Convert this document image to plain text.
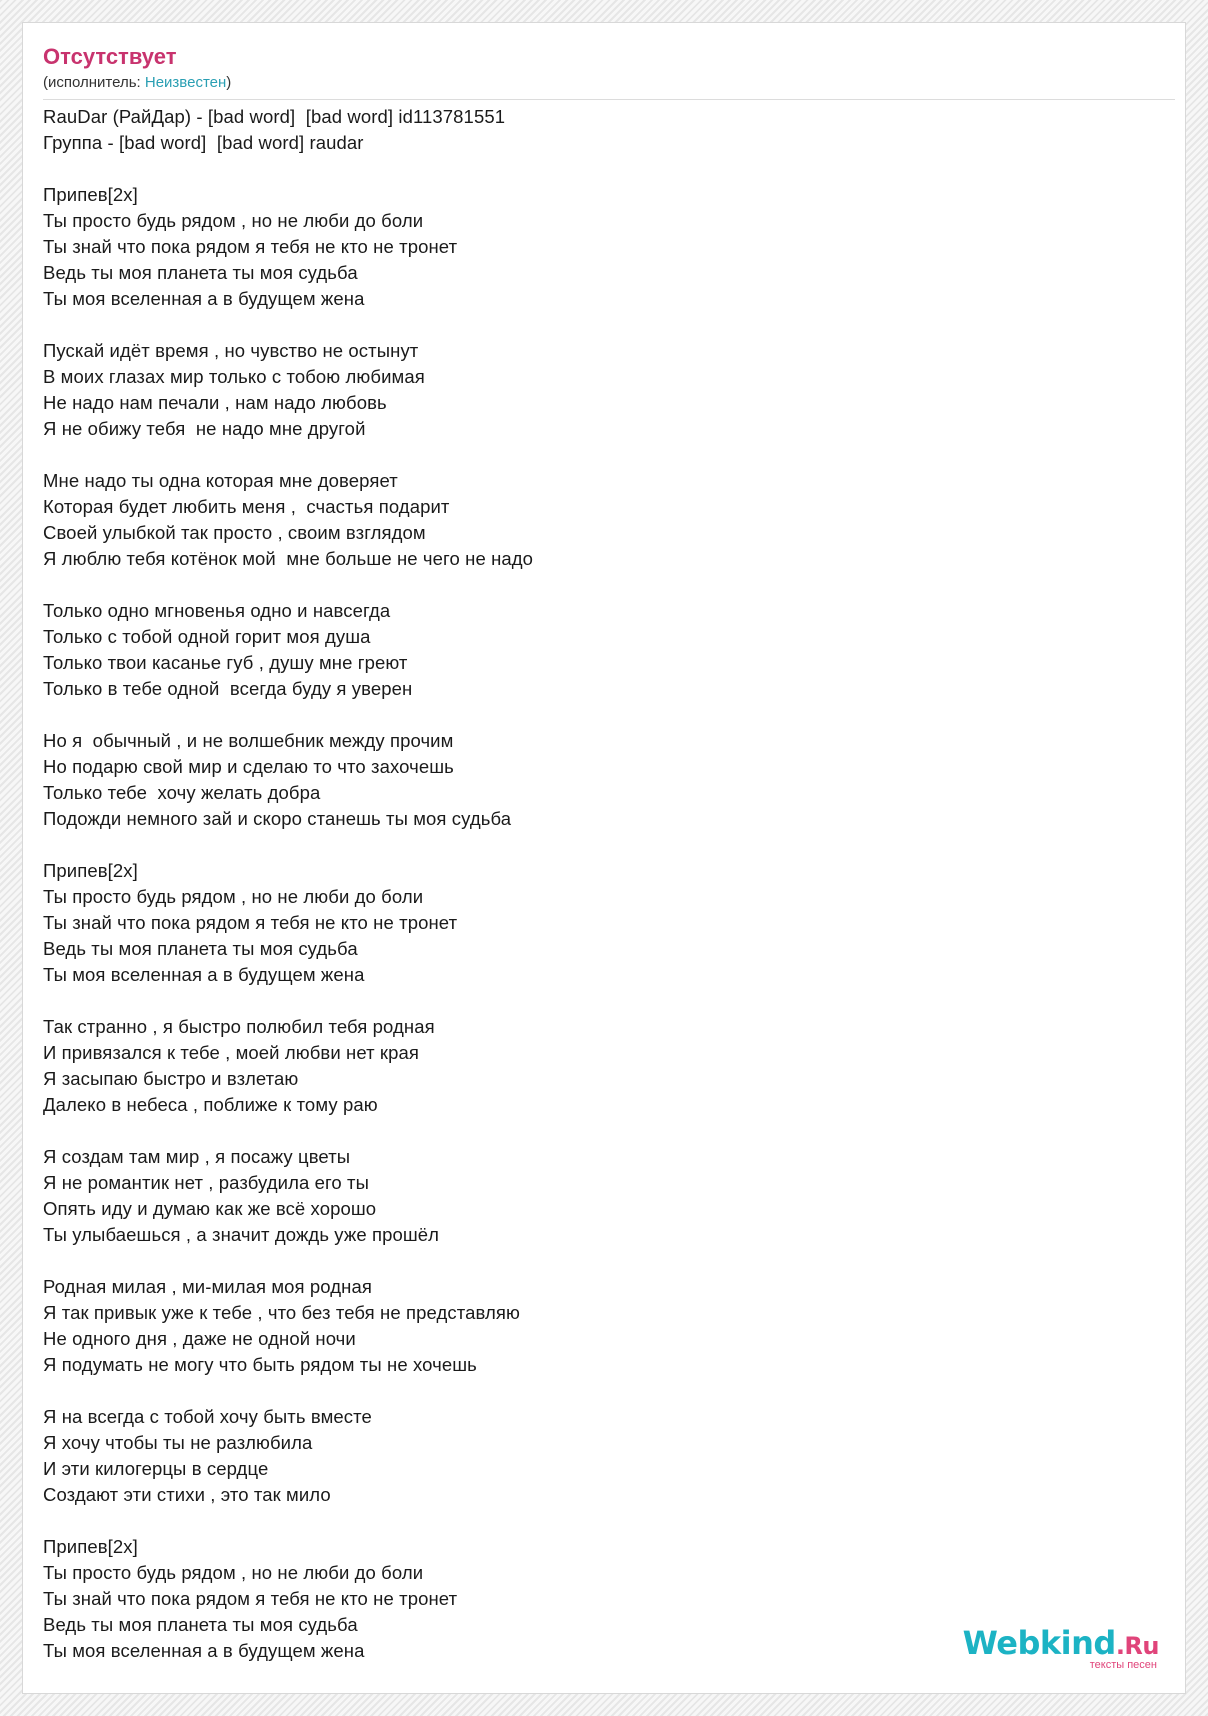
Отсутствует
(исполнитель: Неизвестен)
RauDar (РайДар) - [bad word]  [bad word] id113781551
Группа - [bad word]  [bad word] raudar
Припев[2x]
Ты просто будь рядом , но не люби до боли
Ты знай что пока рядом я тебя не кто не тронет
Ведь ты моя планета ты моя судьба
Ты моя вселенная а в будущем жена
Пускай идёт время , но чувство не остынут
В моих глазах мир только с тобою любимая
Не надо нам печали , нам надо любовь
Я не обижу тебя  не надо мне другой
Мне надо ты одна которая мне доверяет
Которая будет любить меня ,  счастья подарит
Своей улыбкой так просто , своим взглядом
Я люблю тебя котёнок мой  мне больше не чего не надо
Только одно мгновенья одно и навсегда
Только с тобой одной горит моя душа
Только твои касанье губ , душу мне греют
Только в тебе одной  всегда буду я уверен
Но я  обычный , и не волшебник между прочим
Но подарю свой мир и сделаю то что захочешь
Только тебе  хочу желать добра
Подожди немного зай и скоро станешь ты моя судьба
Припев[2x]
Ты просто будь рядом , но не люби до боли
Ты знай что пока рядом я тебя не кто не тронет
Ведь ты моя планета ты моя судьба
Ты моя вселенная а в будущем жена
Так странно , я быстро полюбил тебя родная
И привязался к тебе , моей любви нет края
Я засыпаю быстро и взлетаю
Далеко в небеса , поближе к тому раю
Я создам там мир , я посажу цветы
Я не романтик нет , разбудила его ты
Опять иду и думаю как же всё хорошо
Ты улыбаешься , а значит дождь уже прошёл
Родная милая , ми-милая моя родная
Я так привык уже к тебе , что без тебя не представляю
Не одного дня , даже не одной ночи
Я подумать не могу что быть рядом ты не хочешь
Я на всегда с тобой хочу быть вместе
Я хочу чтобы ты не разлюбила
И эти килогерцы в сердце
Создают эти стихи , это так мило
Припев[2x]
Ты просто будь рядом , но не люби до боли
Ты знай что пока рядом я тебя не кто не тронет
Ведь ты моя планета ты моя судьба
Ты моя вселенная а в будущем жена	Webkind.Ru
тексты песен
